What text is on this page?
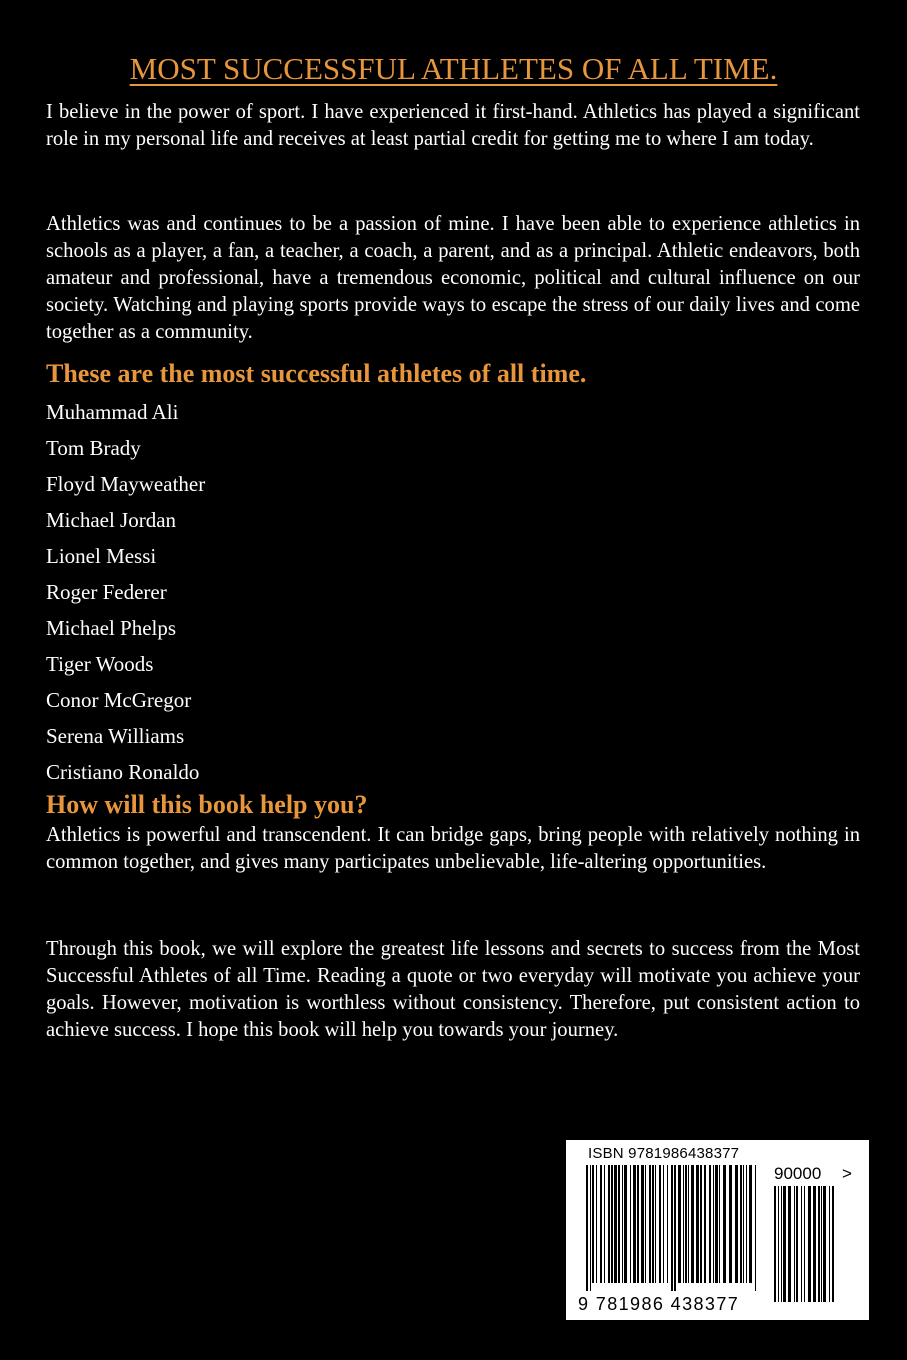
MOST SUCCESSFUL ATHLETES OF ALL TIME.

I believe in the power of sport. I have experienced it first-hand. Athletics has played a significant role in my personal life and receives at least partial credit for getting me to where I am today.

Athletics was and continues to be a passion of mine. I have been able to experience athletics in schools as a player, a fan, a teacher, a coach, a parent, and as a principal. Athletic endeavors, both amateur and professional, have a tremendous economic, political and cultural influence on our society. Watching and playing sports provide ways to escape the stress of our daily lives and come together as a community.

These are the most successful athletes of all time.
Muhammad Ali
Tom Brady
Floyd Mayweather
Michael Jordan
Lionel Messi
Roger Federer
Michael Phelps
Tiger Woods
Conor McGregor
Serena Williams
Cristiano Ronaldo
How will this book help you?

Athletics is powerful and transcendent. It can bridge gaps, bring people with relatively nothing in common together, and gives many participates unbelievable, life-altering opportunities.

Through this book, we will explore the greatest life lessons and secrets to success from the Most Successful Athletes of all Time. Reading a quote or two everyday will motivate you achieve your goals. However, motivation is worthless without consistency. Therefore, put consistent action to achieve success. I hope this book will help you towards your journey.

ISBN 9781986438377
90000 >
9 781986 438377
